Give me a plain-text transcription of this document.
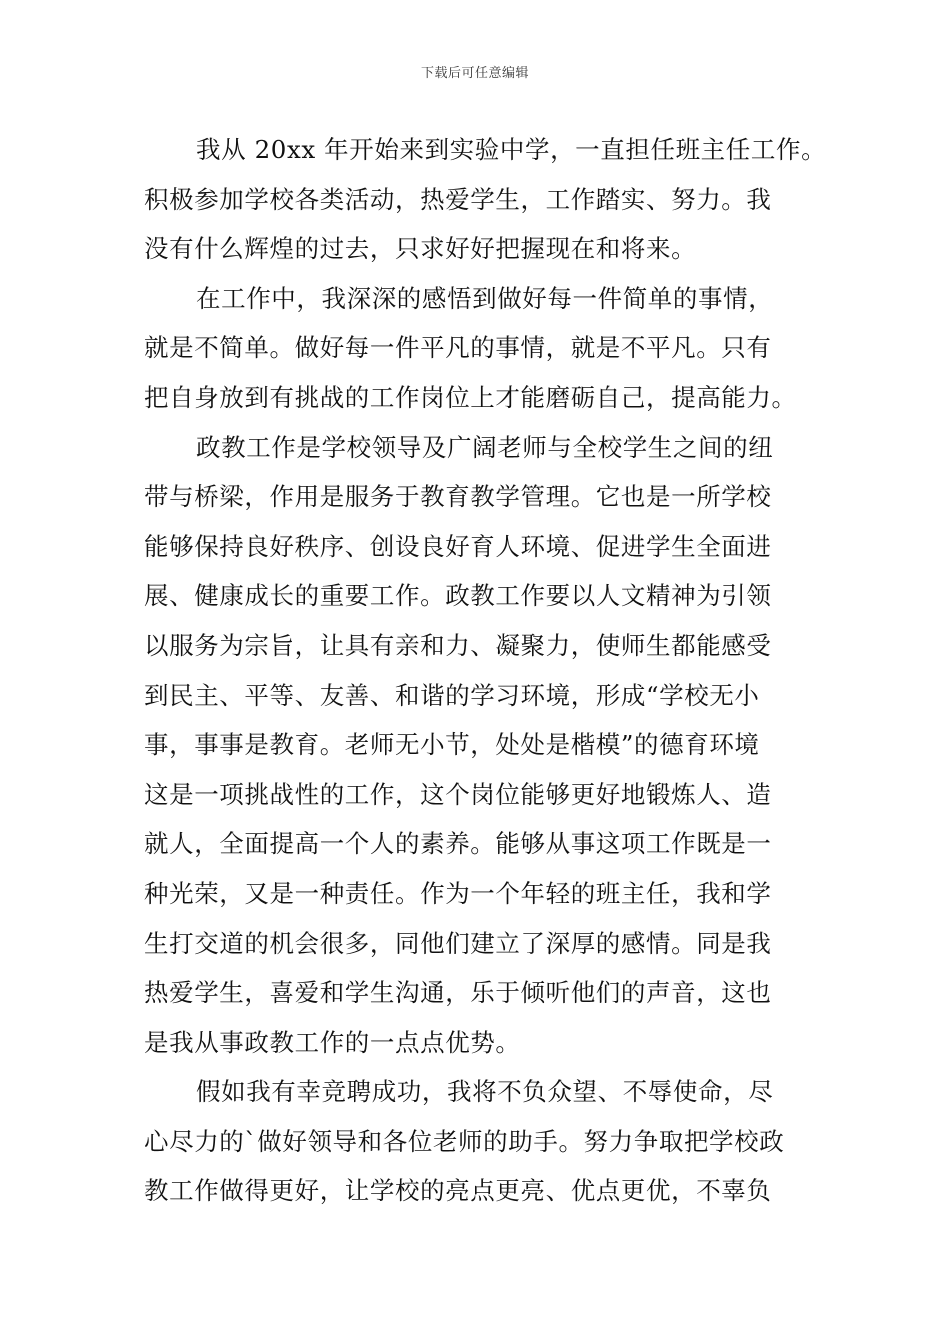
下载后可任意编辑
我从 20xx 年开始来到实验中学，一直担任班主任工作。
积极参加学校各类活动，热爱学生，工作踏实、努力。我
没有什么辉煌的过去，只求好好把握现在和将来。
在工作中，我深深的感悟到做好每一件简单的事情，
就是不简单。做好每一件平凡的事情，就是不平凡。只有
把自身放到有挑战的工作岗位上才能磨砺自己，提高能力。
政教工作是学校领导及广阔老师与全校学生之间的纽
带与桥梁，作用是服务于教育教学管理。它也是一所学校
能够保持良好秩序、创设良好育人环境、促进学生全面进
展、健康成长的重要工作。政教工作要以人文精神为引领
以服务为宗旨，让具有亲和力、凝聚力，使师生都能感受
到民主、平等、友善、和谐的学习环境，形成“学校无小
事，事事是教育。老师无小节，处处是楷模”的德育环境
这是一项挑战性的工作，这个岗位能够更好地锻炼人、造
就人，全面提高一个人的素养。能够从事这项工作既是一
种光荣，又是一种责任。作为一个年轻的班主任，我和学
生打交道的机会很多，同他们建立了深厚的感情。同是我
热爱学生，喜爱和学生沟通，乐于倾听他们的声音，这也
是我从事政教工作的一点点优势。
假如我有幸竞聘成功，我将不负众望、不辱使命，尽
心尽力的`做好领导和各位老师的助手。努力争取把学校政
教工作做得更好，让学校的亮点更亮、优点更优，不辜负
